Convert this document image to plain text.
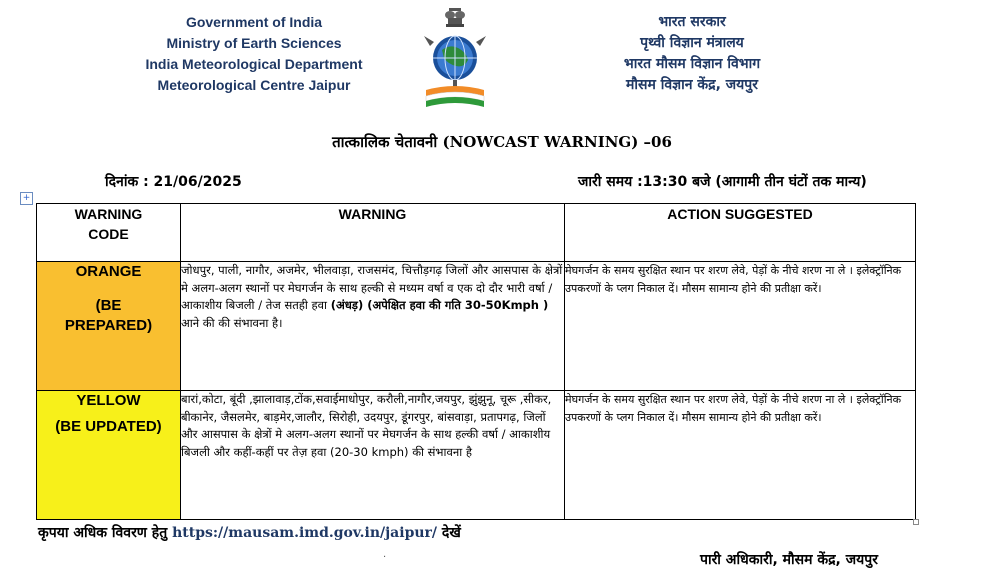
Government of India
Ministry of Earth Sciences
India Meteorological Department
Meteorological Centre Jaipur
भारत सरकार
पृथ्वी विज्ञान मंत्रालय
भारत मौसम विज्ञान विभाग
मौसम विज्ञान केंद्र, जयपुर
तात्कालिक चेतावनी (NOWCAST WARNING) –06
दिनांक : 21/06/2025	जारी समय :13:30 बजे (आगामी तीन घंटों तक मान्य)
+
WARNING CODE	WARNING	ACTION SUGGESTED

ORANGE
(BE PREPARED)	जोधपुर, पाली, नागौर, अजमेर, भीलवाड़ा, राजसमंद, चित्तौड़गढ़ जिलों और आसपास के क्षेत्रों मे अलग-अलग स्थानों पर मेघगर्जन के साथ हल्की से मध्यम वर्षा व एक दो दौर भारी वर्षा /आकाशीय बिजली / तेज सतही हवा (अंधड़) (अपेक्षित हवा की गति 30-50Kmph ) आने की की संभावना है।	मेघगर्जन के समय सुरक्षित स्थान पर शरण लेवे, पेड़ों के नीचे शरण ना ले । इलेक्ट्रॉनिक उपकरणों के प्लग निकाल दें। मौसम सामान्य होने की प्रतीक्षा करें।

YELLOW
(BE UPDATED)	बारां,कोटा, बूंदी ,झालावाड़,टोंक,सवाईमाधोपुर, करौली,नागौर,जयपुर, झुंझुनू, चूरू ,सीकर, बीकानेर, जैसलमेर, बाड़मेर,जालौर, सिरोही, उदयपुर, डूंगरपुर, बांसवाड़ा, प्रतापगढ़, जिलों और आसपास के क्षेत्रों मे अलग-अलग स्थानों पर मेघगर्जन के साथ हल्की वर्षा / आकाशीय बिजली और कहीं-कहीं पर तेज़ हवा (20-30 kmph) की संभावना है	मेघगर्जन के समय सुरक्षित स्थान पर शरण लेवे, पेड़ों के नीचे शरण ना ले । इलेक्ट्रॉनिक उपकरणों के प्लग निकाल दें। मौसम सामान्य होने की प्रतीक्षा करें।
कृपया अधिक विवरण हेतु https://mausam.imd.gov.in/jaipur/ देखें
.	पारी अधिकारी, मौसम केंद्र, जयपुर
